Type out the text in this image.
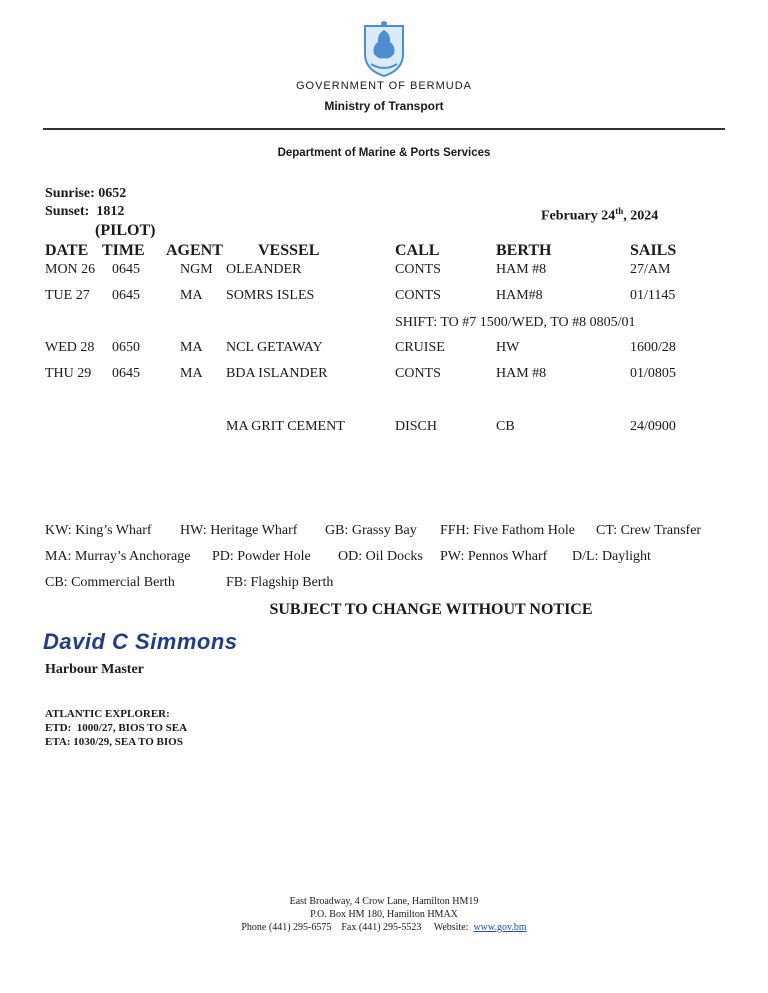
GOVERNMENT OF BERMUDA
Ministry of Transport
Department of Marine & Ports Services
Sunrise: 0652
Sunset:  1812	February 24th, 2024
(PILOT)
DATE TIME AGENT VESSEL	CALL	BERTH	SAILS
MON 26 0645	NGM OLEANDER	CONTS	HAM #8	27/AM
TUE 27 0645	MA SOMRS ISLES	CONTS	HAM#8	01/1145
SHIFT: TO #7 1500/WED, TO #8 0805/01
WED 28 0650	MA NCL GETAWAY	CRUISE	HW	1600/28
THU 29 0645	MA BDA ISLANDER	CONTS	HAM #8	01/0805
MA GRIT CEMENT	DISCH	CB	24/0900
KW: King’s Wharf HW: Heritage Wharf GB: Grassy Bay FFH: Five Fathom Hole CT: Crew Transfer
MA: Murray’s Anchorage PD: Powder Hole OD: Oil Docks PW: Pennos Wharf D/L: Daylight
CB: Commercial Berth	FB: Flagship Berth
SUBJECT TO CHANGE WITHOUT NOTICE
David C Simmons
Harbour Master
ATLANTIC EXPLORER:
ETD:  1000/27, BIOS TO SEA
ETA: 1030/29, SEA TO BIOS
East Broadway, 4 Crow Lane, Hamilton HM19
P.O. Box HM 180, Hamilton HMAX
Phone (441) 295-6575 Fax (441) 295-5523 Website: www.gov.bm
